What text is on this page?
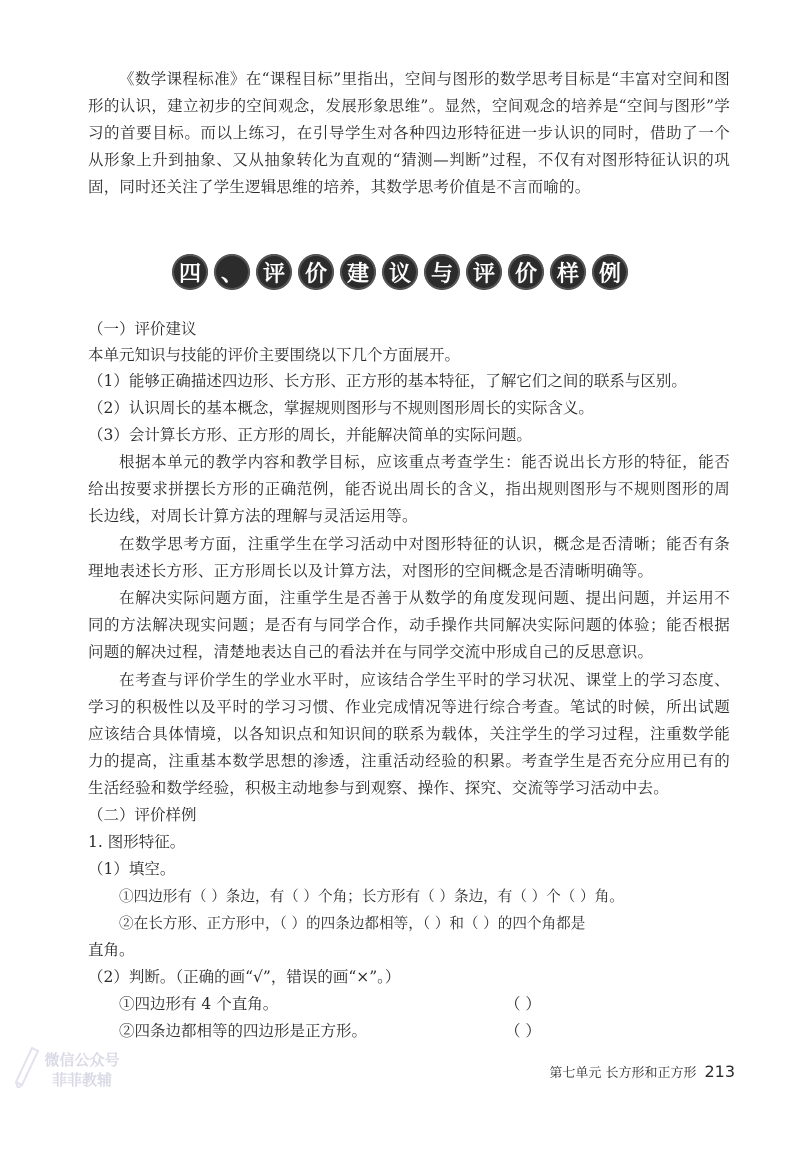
《数学课程标准》在“课程目标”里指出，空间与图形的数学思考目标是“丰富对空间和图形的认识，建立初步的空间观念，发展形象思维”。显然，空间观念的培养是“空间与图形”学习的首要目标。而以上练习，在引导学生对各种四边形特征进一步认识的同时，借助了一个从形象上升到抽象、又从抽象转化为直观的“猜测—判断”过程，不仅有对图形特征认识的巩固，同时还关注了学生逻辑思维的培养，其数学思考价值是不言而喻的。

四 、 评 价 建 议 与 评 价 样 例

（一）评价建议

本单元知识与技能的评价主要围绕以下几个方面展开。

（1）能够正确描述四边形、长方形、正方形的基本特征，了解它们之间的联系与区别。

（2）认识周长的基本概念，掌握规则图形与不规则图形周长的实际含义。

（3）会计算长方形、正方形的周长，并能解决简单的实际问题。

根据本单元的教学内容和教学目标，应该重点考查学生：能否说出长方形的特征，能否给出按要求拼摆长方形的正确范例，能否说出周长的含义，指出规则图形与不规则图形的周长边线，对周长计算方法的理解与灵活运用等。

在数学思考方面，注重学生在学习活动中对图形特征的认识，概念是否清晰；能否有条理地表述长方形、正方形周长以及计算方法，对图形的空间概念是否清晰明确等。

在解决实际问题方面，注重学生是否善于从数学的角度发现问题、提出问题，并运用不同的方法解决现实问题；是否有与同学合作，动手操作共同解决实际问题的体验；能否根据问题的解决过程，清楚地表达自己的看法并在与同学交流中形成自己的反思意识。

在考查与评价学生的学业水平时，应该结合学生平时的学习状况、课堂上的学习态度、学习的积极性以及平时的学习习惯、作业完成情况等进行综合考查。笔试的时候，所出试题应该结合具体情境，以各知识点和知识间的联系为载体，关注学生的学习过程，注重数学能力的提高，注重基本数学思想的渗透，注重活动经验的积累。考查学生是否充分应用已有的生活经验和数学经验，积极主动地参与到观察、操作、探究、交流等学习活动中去。

（二）评价样例

1. 图形特征。

（1）填空。

①四边形有（ ）条边，有（ ）个角；长方形有（ ）条边，有（ ）个（ ）角。

②在长方形、正方形中，（ ）的四条边都相等，（ ）和（ ）的四个角都是

直角。

（2）判断。（正确的画“√”，错误的画“×”。）

①四边形有 4 个直角。	（ ）

②四条边都相等的四边形是正方形。	（ ）
第七单元 长方形和正方形 213
微信公众号
菲菲教辅
